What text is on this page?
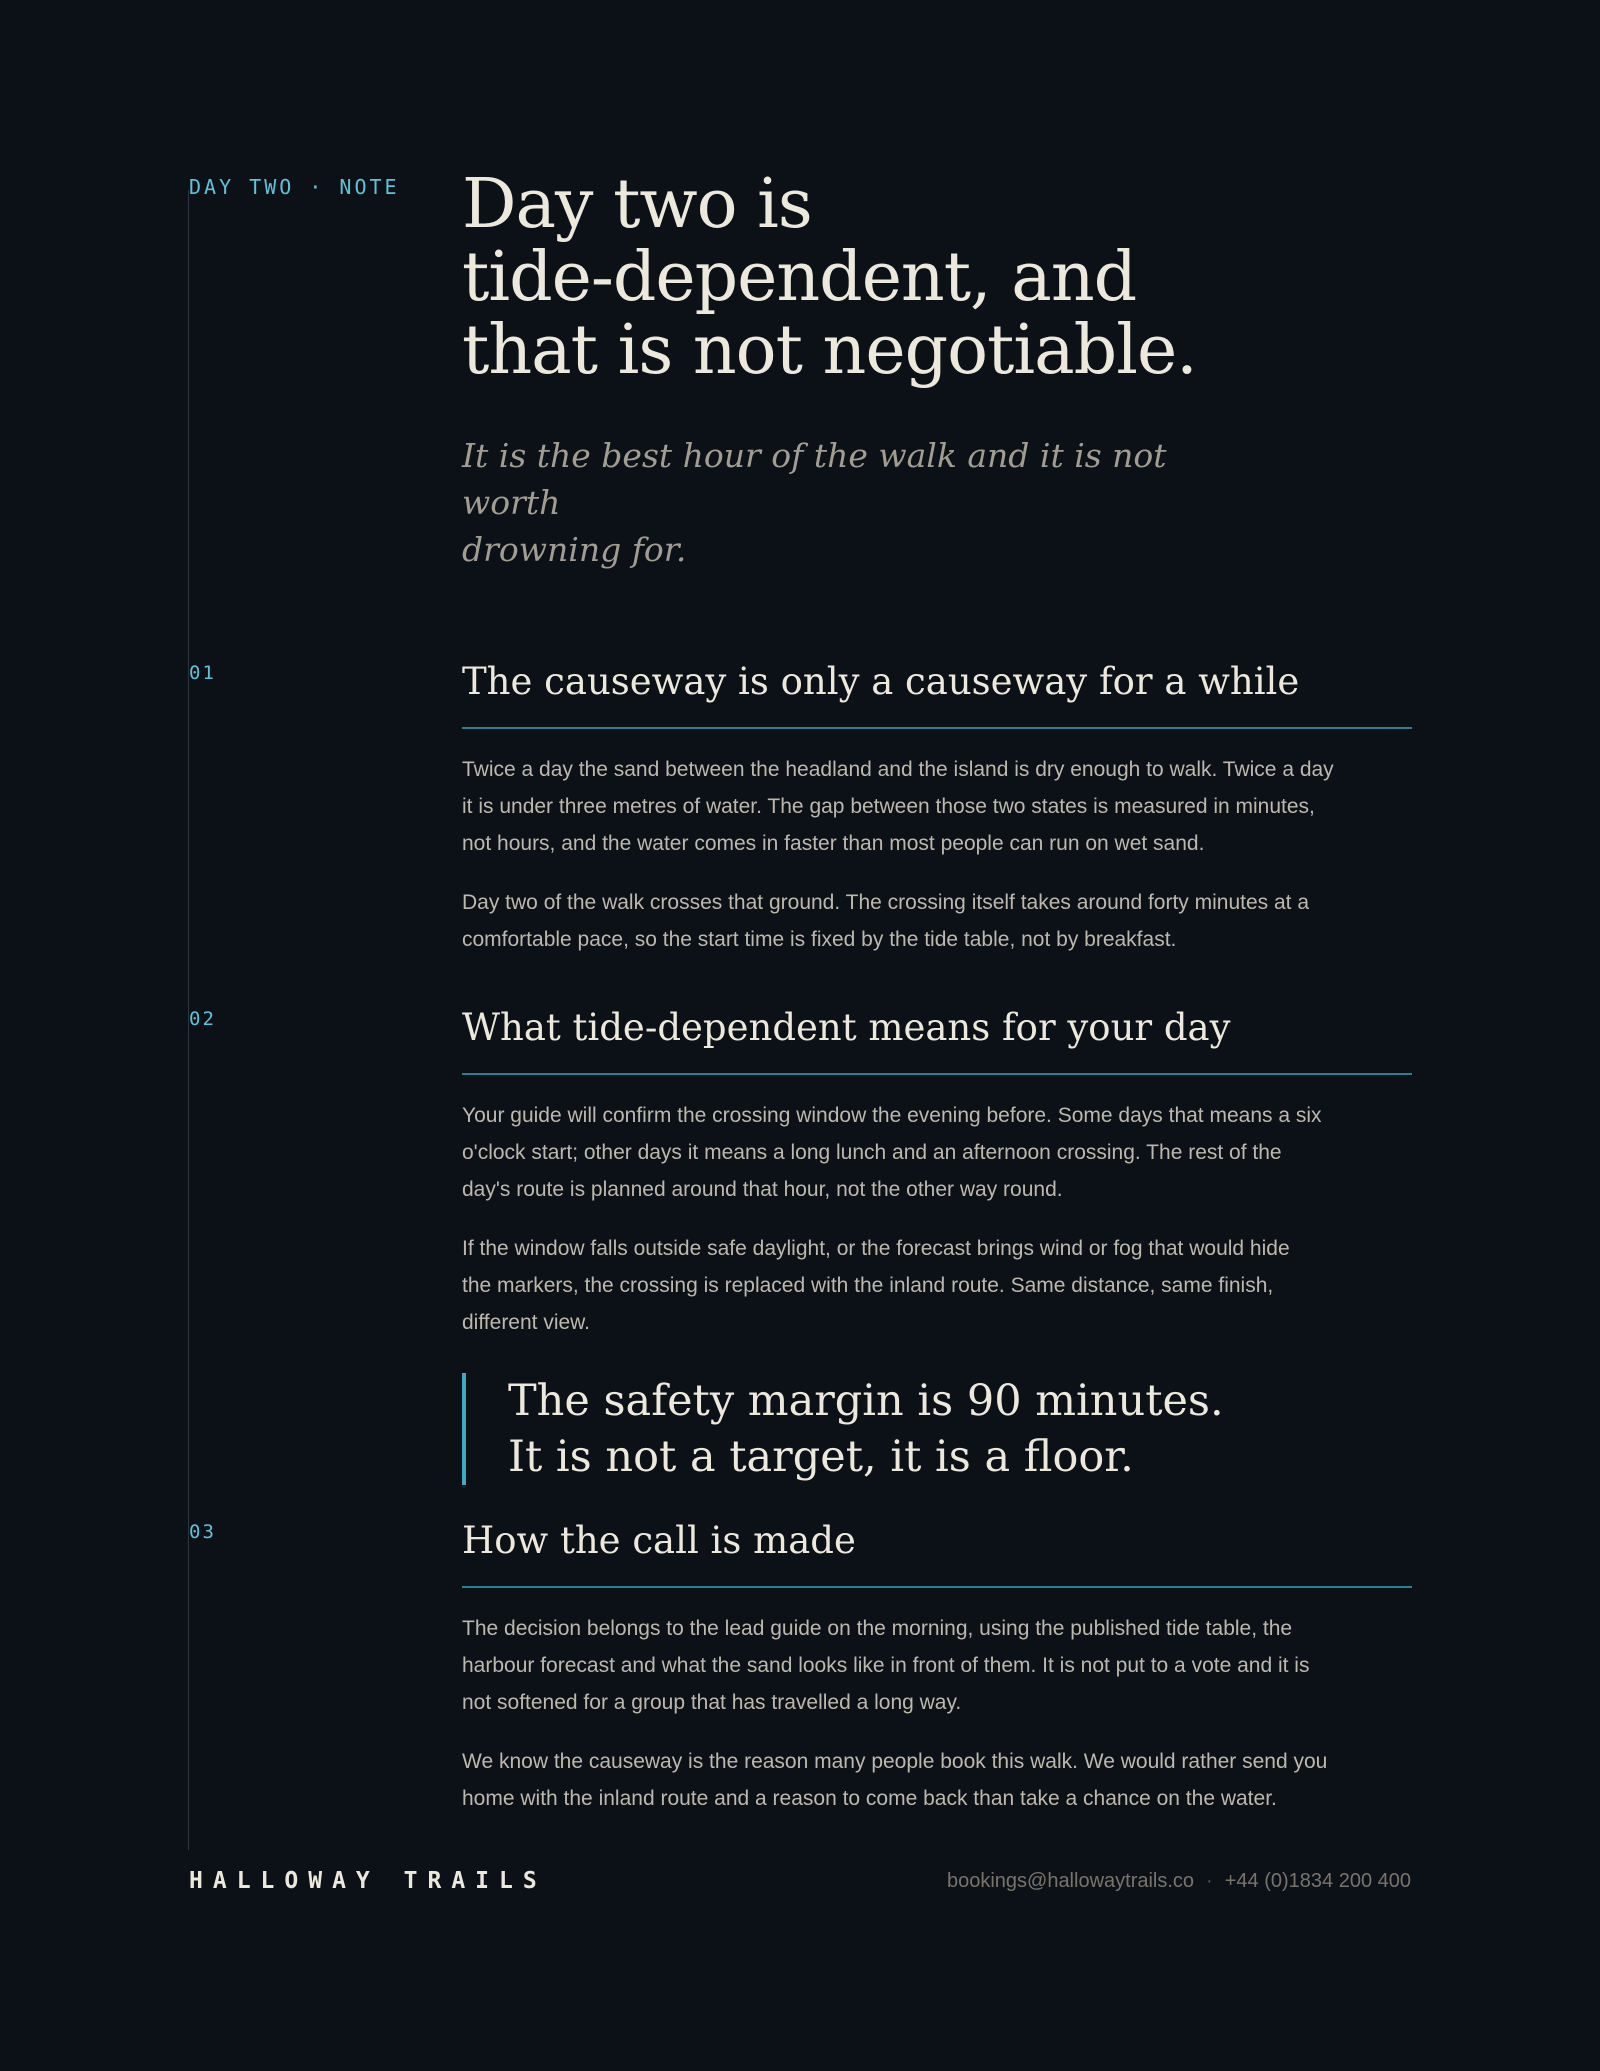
DAY TWO · NOTE Day two is
tide-dependent, and
that is not negotiable.

It is the best hour of the walk and it is not worth
drowning for.

01	The causeway is only a causeway for a while

Twice a day the sand between the headland and the island is dry enough to walk. Twice a day
it is under three metres of water. The gap between those two states is measured in minutes,
not hours, and the water comes in faster than most people can run on wet sand.

Day two of the walk crosses that ground. The crossing itself takes around forty minutes at a
comfortable pace, so the start time is fixed by the tide table, not by breakfast.

02	What tide-dependent means for your day

Your guide will confirm the crossing window the evening before. Some days that means a six
o'clock start; other days it means a long lunch and an afternoon crossing. The rest of the
day's route is planned around that hour, not the other way round.

If the window falls outside safe daylight, or the forecast brings wind or fog that would hide
the markers, the crossing is replaced with the inland route. Same distance, same finish,
different view.

The safety margin is 90 minutes.

It is not a target, it is a floor.

03	How the call is made

The decision belongs to the lead guide on the morning, using the published tide table, the
harbour forecast and what the sand looks like in front of them. It is not put to a vote and it is
not softened for a group that has travelled a long way.

We know the causeway is the reason many people book this walk. We would rather send you
home with the inland route and a reason to come back than take a chance on the water.

HALLOWAY TRAILS	bookings@hallowaytrails.co · +44 (0)1834 200 400
